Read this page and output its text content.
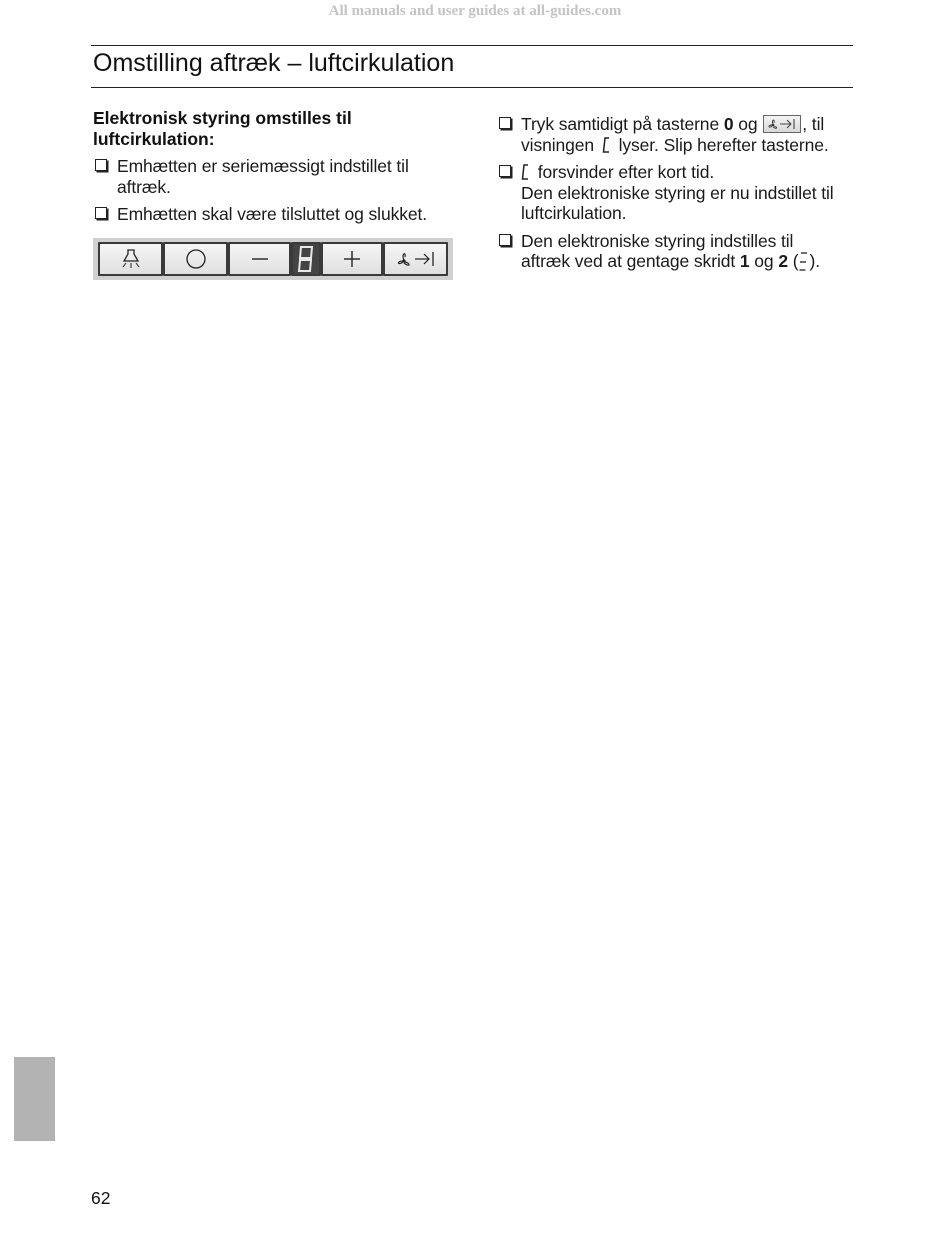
All manuals and user guides at all-guides.com
Omstilling aftræk – luftcirkulation

Elektronisk styring omstilles til luftcirkulation:

Emhætten er seriemæssigt indstillet til aftræk.
Emhætten skal være tilsluttet og slukket.
Tryk samtidigt på tasterne 0 og , til
visningen  lyser. Slip herefter tasterne.
forsvinder efter kort tid.
Den elektroniske styring er nu indstillet til luftcirkulation.
Den elektroniske styring indstilles til
aftræk ved at gentage skridt 1 og 2 ( ).
62
